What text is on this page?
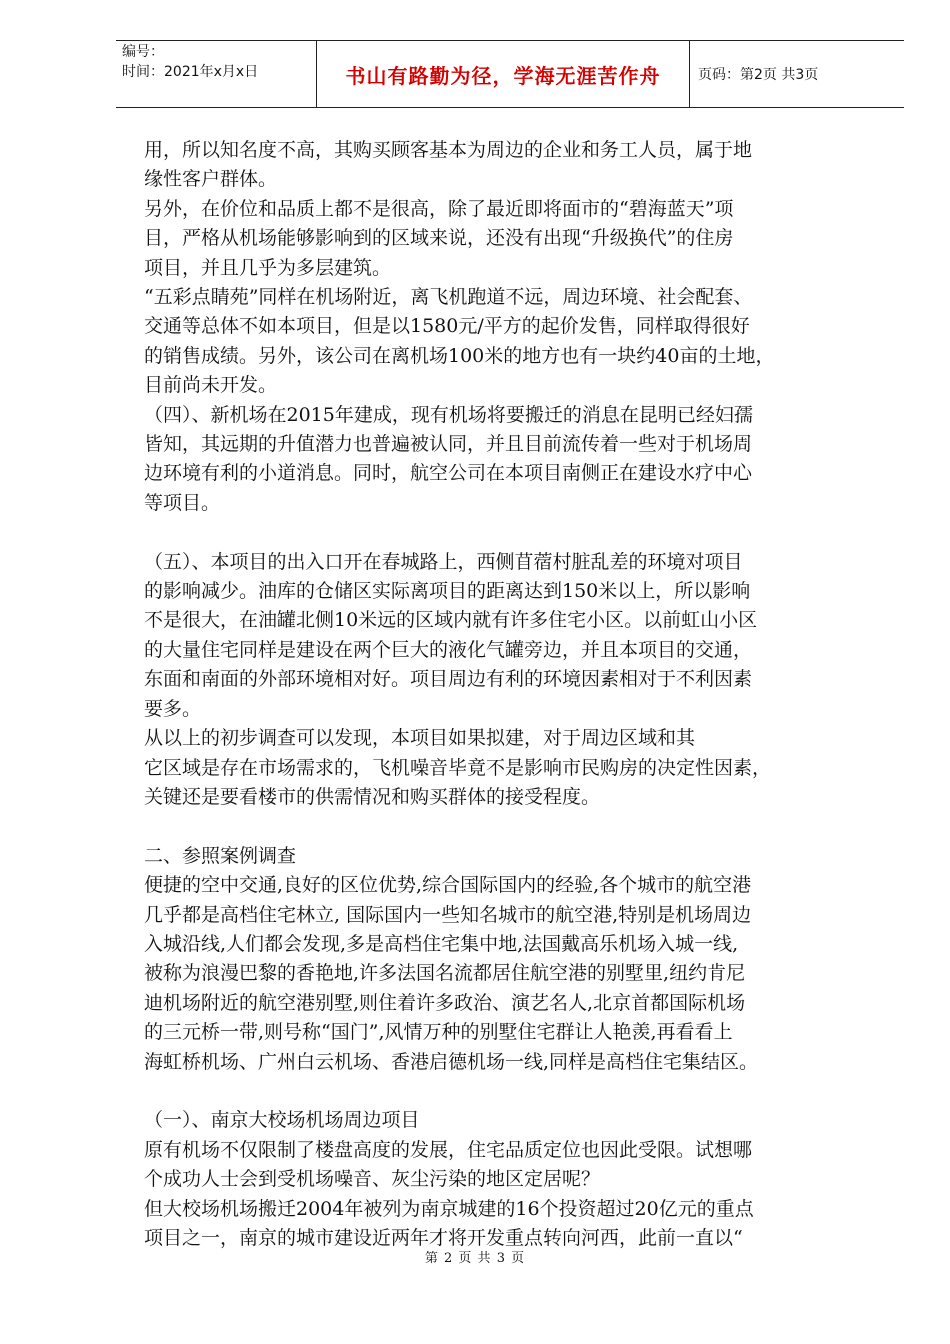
编号：
时间：2021年x月x日	书山有路勤为径，学海无涯苦作舟	页码：第2页 共3页

用，所以知名度不高，其购买顾客基本为周边的企业和务工人员，属于地

缘性客户群体。

另外，在价位和品质上都不是很高，除了最近即将面市的“碧海蓝天”项

目，严格从机场能够影响到的区域来说，还没有出现“升级换代”的住房

项目，并且几乎为多层建筑。

“五彩点睛苑”同样在机场附近，离飞机跑道不远，周边环境、社会配套、

交通等总体不如本项目，但是以1580元/平方的起价发售，同样取得很好

的销售成绩。另外，该公司在离机场100米的地方也有一块约40亩的土地，

目前尚未开发。

（四）、新机场在2015年建成，现有机场将要搬迁的消息在昆明已经妇孺

皆知，其远期的升值潜力也普遍被认同，并且目前流传着一些对于机场周

边环境有利的小道消息。同时，航空公司在本项目南侧正在建设水疗中心

等项目。

（五）、本项目的出入口开在春城路上，西侧苜蓿村脏乱差的环境对项目

的影响减少。油库的仓储区实际离项目的距离达到150米以上，所以影响

不是很大，在油罐北侧10米远的区域内就有许多住宅小区。以前虹山小区

的大量住宅同样是建设在两个巨大的液化气罐旁边，并且本项目的交通，

东面和南面的外部环境相对好。项目周边有利的环境因素相对于不利因素

要多。

从以上的初步调查可以发现，本项目如果拟建，对于周边区域和其

它区域是存在市场需求的，飞机噪音毕竟不是影响市民购房的决定性因素，

关键还是要看楼市的供需情况和购买群体的接受程度。

二、参照案例调查

便捷的空中交通,良好的区位优势,综合国际国内的经验,各个城市的航空港

几乎都是高档住宅林立, 国际国内一些知名城市的航空港,特别是机场周边

入城沿线,人们都会发现,多是高档住宅集中地,法国戴高乐机场入城一线,

被称为浪漫巴黎的香艳地,许多法国名流都居住航空港的别墅里,纽约肯尼

迪机场附近的航空港别墅,则住着许多政治、演艺名人,北京首都国际机场

的三元桥一带,则号称“国门”,风情万种的别墅住宅群让人艳羡,再看看上

海虹桥机场、广州白云机场、香港启德机场一线,同样是高档住宅集结区。

（一）、南京大校场机场周边项目

原有机场不仅限制了楼盘高度的发展，住宅品质定位也因此受限。试想哪

个成功人士会到受机场噪音、灰尘污染的地区定居呢？

但大校场机场搬迁2004年被列为南京城建的16个投资超过20亿元的重点

项目之一，南京的城市建设近两年才将开发重点转向河西，此前一直以“

第 2 页 共 3 页
